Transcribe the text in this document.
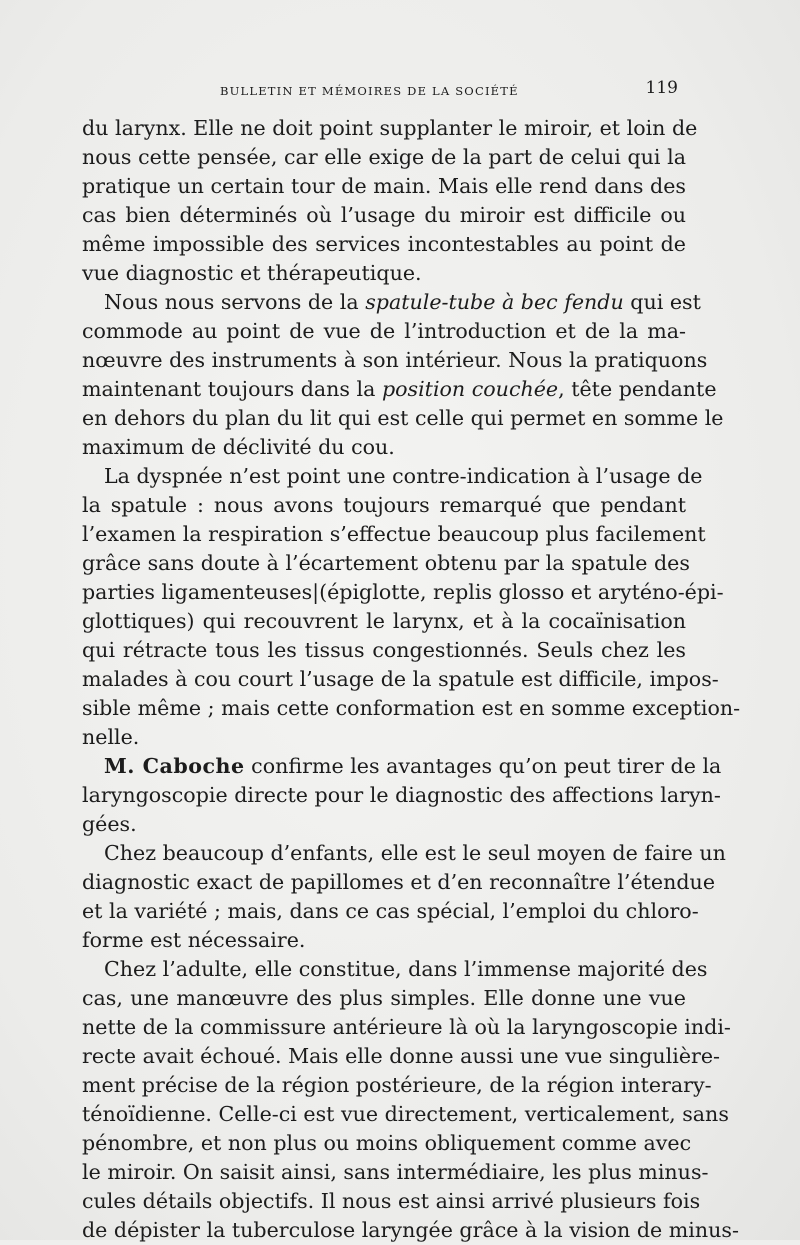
BULLETIN ET MÉMOIRES DE LA SOCIÉTÉ	119
du larynx. Elle ne doit point supplanter le miroir, et loin de
nous cette pensée, car elle exige de la part de celui qui la
pratique un certain tour de main. Mais elle rend dans des
cas bien déterminés où l’usage du miroir est difficile ou
même impossible des services incontestables au point de
vue diagnostic et thérapeutique.
Nous nous servons de la spatule-tube à bec fendu qui est
commode au point de vue de l’introduction et de la ma-
nœuvre des instruments à son intérieur. Nous la pratiquons
maintenant toujours dans la position couchée, tête pendante
en dehors du plan du lit qui est celle qui permet en somme le
maximum de déclivité du cou.
La dyspnée n’est point une contre-indication à l’usage de
la spatule : nous avons toujours remarqué que pendant
l’examen la respiration s’effectue beaucoup plus facilement
grâce sans doute à l’écartement obtenu par la spatule des
parties ligamenteuses|(épiglotte, replis glosso et aryténo-épi-
glottiques) qui recouvrent le larynx, et à la cocaïnisation
qui rétracte tous les tissus congestionnés. Seuls chez les
malades à cou court l’usage de la spatule est difficile, impos-
sible même ; mais cette conformation est en somme exception-
nelle.
M. Caboche confirme les avantages qu’on peut tirer de la
laryngoscopie directe pour le diagnostic des affections laryn-
gées.
Chez beaucoup d’enfants, elle est le seul moyen de faire un
diagnostic exact de papillomes et d’en reconnaître l’étendue
et la variété ; mais, dans ce cas spécial, l’emploi du chloro-
forme est nécessaire.
Chez l’adulte, elle constitue, dans l’immense majorité des
cas, une manœuvre des plus simples. Elle donne une vue
nette de la commissure antérieure là où la laryngoscopie indi-
recte avait échoué. Mais elle donne aussi une vue singulière-
ment précise de la région postérieure, de la région interary-
ténoïdienne. Celle-ci est vue directement, verticalement, sans
pénombre, et non plus ou moins obliquement comme avec
le miroir. On saisit ainsi, sans intermédiaire, les plus minus-
cules détails objectifs. Il nous est ainsi arrivé plusieurs fois
de dépister la tuberculose laryngée grâce à la vision de minus-
